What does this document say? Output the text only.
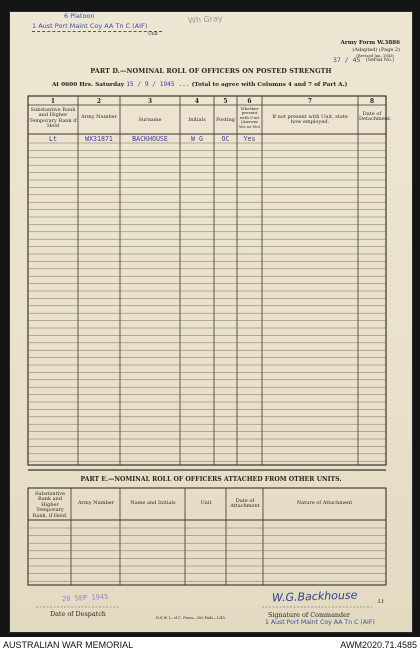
6 Platoon
1 Aust Port Maint Coy AA Tn C (AIF)
Unit
Wh Gray
Army Form W.3886
(Adapted) (Page 2)
(Revised Jan. 1943)
37 / 45 (Serial No.)
PART D.—NOMINAL ROLL OF OFFICERS ON POSTED STRENGTH
At 0600 Hrs. Saturday 15 / 9 / 1945 ... (Total to agree with Columns 4 and 7 of Part A.)
1	2	3	4	5	6	7	8
Substantive Rank and Higher Temporary Rank if Held
Army Number	Surname	Initials	Posting
Whether present with Unit (Answer Yes or No)
If not present with Unit, state how employed.
Date of Detachment.
Lt	WX31871	BACKHOUSE	W G	OC	Yes
PART E.—NOMINAL ROLL OF OFFICERS ATTACHED FROM OTHER UNITS.
Substantive Rank and Higher Temporary Rank, if Held.
Army Number	Name and Initials	Unit	Date of Attachment
Nature of Attachment
20 SEP 1945
Date of Despatch	N.S.W. L. of C. Press—300 Pads—1/45.
W.G.Backhouse	Lt
Signature of Commander
1 Aust Port Maint Coy AA Tn C (AIF)
AUSTRALIAN WAR MEMORIAL	AWM2020.71.4585
